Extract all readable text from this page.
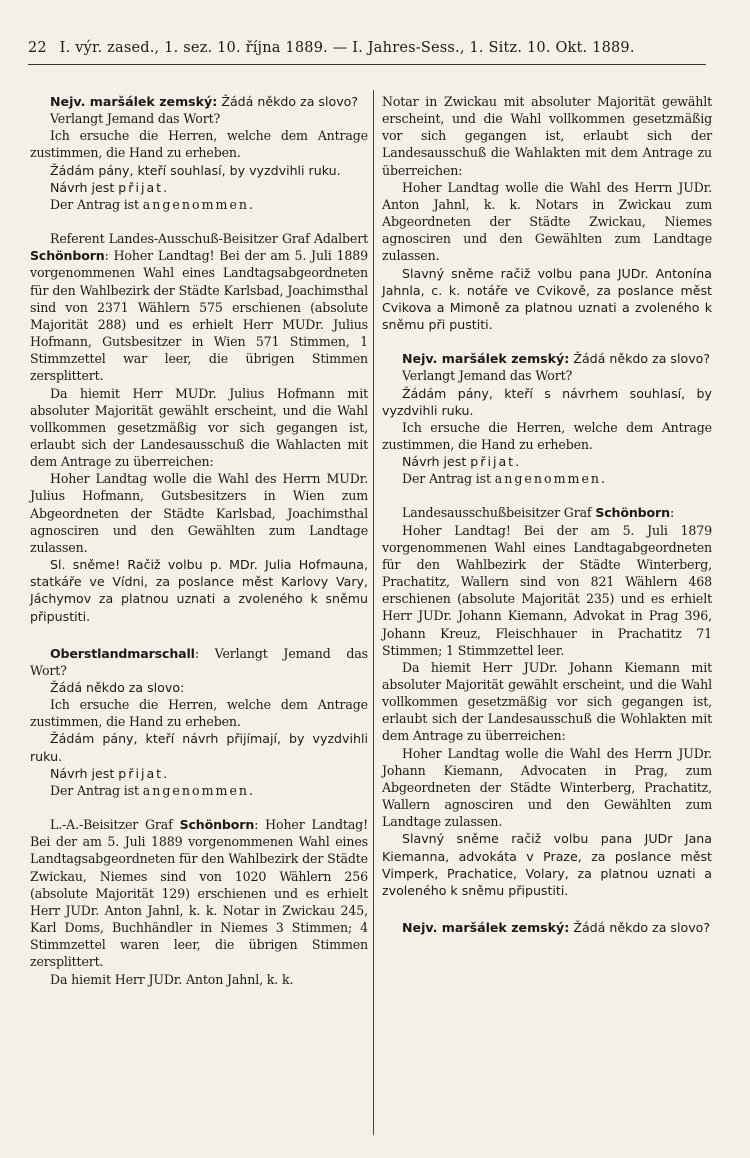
22 I. výr. zased., 1. sez. 10. října 1889. — I. Jahres-Sess., 1. Sitz. 10. Okt. 1889.

Nejv. maršálek zemský: Žádá někdo za slovo?

Verlangt Jemand das Wort?

Ich ersuche die Herren, welche dem Antrage zustimmen, die Hand zu erheben.

Žádám pány, kteří souhlasí, by vyzdvihli ruku.

Návrh jest přijat.

Der Antrag ist angenommen.

Referent Landes-Ausschuß-Beisitzer Graf Adalbert Schönborn: Hoher Landtag! Bei der am 5. Juli 1889 vorgenommenen Wahl eines Landtagsabgeordneten für den Wahlbezirk der Städte Karlsbad, Joachimsthal sind von 2371 Wählern 575 erschienen (absolute Majorität 288) und es erhielt Herr MUDr. Julius Hofmann, Gutsbesitzer in Wien 571 Stimmen, 1 Stimmzettel war leer, die übrigen Stimmen zersplittert.

Da hiemit Herr MUDr. Julius Hofmann mit absoluter Majorität gewählt erscheint, und die Wahl vollkommen gesetzmäßig vor sich gegangen ist, erlaubt sich der Landesausschuß die Wahlacten mit dem Antrage zu überreichen:

Hoher Landtag wolle die Wahl des Herrn MUDr. Julius Hofmann, Gutsbesitzers in Wien zum Abgeordneten der Städte Karlsbad, Joachimsthal agnosciren und den Gewählten zum Landtage zulassen.

Sl. sněme! Račiž volbu p. MDr. Julia Hofmauna, statkáře ve Vídni, za poslance měst Karlovy Vary, Jáchymov za platnou uznati a zvoleného k sněmu připustiti.

Oberstlandmarschall: Verlangt Jemand das Wort?

Žádá někdo za slovo:

Ich ersuche die Herren, welche dem Antrage zustimmen, die Hand zu erheben.

Žádám pány, kteří návrh přijímají, by vyzdvihli ruku.

Návrh jest přijat.

Der Antrag ist angenommen.

L.-A.-Beisitzer Graf Schönborn: Hoher Landtag! Bei der am 5. Juli 1889 vorgenommenen Wahl eines Landtagsabgeordneten für den Wahlbezirk der Städte Zwickau, Niemes sind von 1020 Wählern 256 (absolute Majorität 129) erschienen und es erhielt Herr JUDr. Anton Jahnl, k. k. Notar in Zwickau 245, Karl Doms, Buchhändler in Niemes 3 Stimmen; 4 Stimmzettel waren leer, die übrigen Stimmen zersplittert.

Da hiemit Herr JUDr. Anton Jahnl, k. k.

Notar in Zwickau mit absoluter Majorität gewählt erscheint, und die Wahl vollkommen gesetzmäßig vor sich gegangen ist, erlaubt sich der Landesausschuß die Wahlakten mit dem Antrage zu überreichen:

Hoher Landtag wolle die Wahl des Herrn JUDr. Anton Jahnl, k. k. Notars in Zwickau zum Abgeordneten der Städte Zwickau, Niemes agnosciren und den Gewählten zum Landtage zulassen.

Slavný sněme račiž volbu pana JUDr. Antonína Jahnla, c. k. notáře ve Cvikově, za poslance měst Cvikova a Mimoně za platnou uznati a zvoleného k sněmu při pustiti.

Nejv. maršálek zemský: Žádá někdo za slovo?

Verlangt Jemand das Wort?

Žádám pány, kteří s návrhem souhlasí, by vyzdvihli ruku.

Ich ersuche die Herren, welche dem Antrage zustimmen, die Hand zu erheben.

Návrh jest přijat.

Der Antrag ist angenommen.

Landesausschußbeisitzer Graf Schönborn:

Hoher Landtag! Bei der am 5. Juli 1879 vorgenommenen Wahl eines Landtagabgeordneten für den Wahlbezirk der Städte Winterberg, Prachatitz, Wallern sind von 821 Wählern 468 erschienen (absolute Majorität 235) und es erhielt Herr JUDr. Johann Kiemann, Advokat in Prag 396, Johann Kreuz, Fleischhauer in Prachatitz 71 Stimmen; 1 Stimmzettel leer.

Da hiemit Herr JUDr. Johann Kiemann mit absoluter Majorität gewählt erscheint, und die Wahl vollkommen gesetzmäßig vor sich gegangen ist, erlaubt sich der Landesausschuß die Wohlakten mit dem Antrage zu überreichen:

Hoher Landtag wolle die Wahl des Herrn JUDr. Johann Kiemann, Advocaten in Prag, zum Abgeordneten der Städte Winterberg, Prachatitz, Wallern agnosciren und den Gewählten zum Landtage zulassen.

Slavný sněme račiž volbu pana JUDr Jana Kiemanna, advokáta v Praze, za poslance měst Vimperk, Prachatice, Volary, za platnou uznati a zvoleného k sněmu připustiti.

Nejv. maršálek zemský: Žádá někdo za slovo?
